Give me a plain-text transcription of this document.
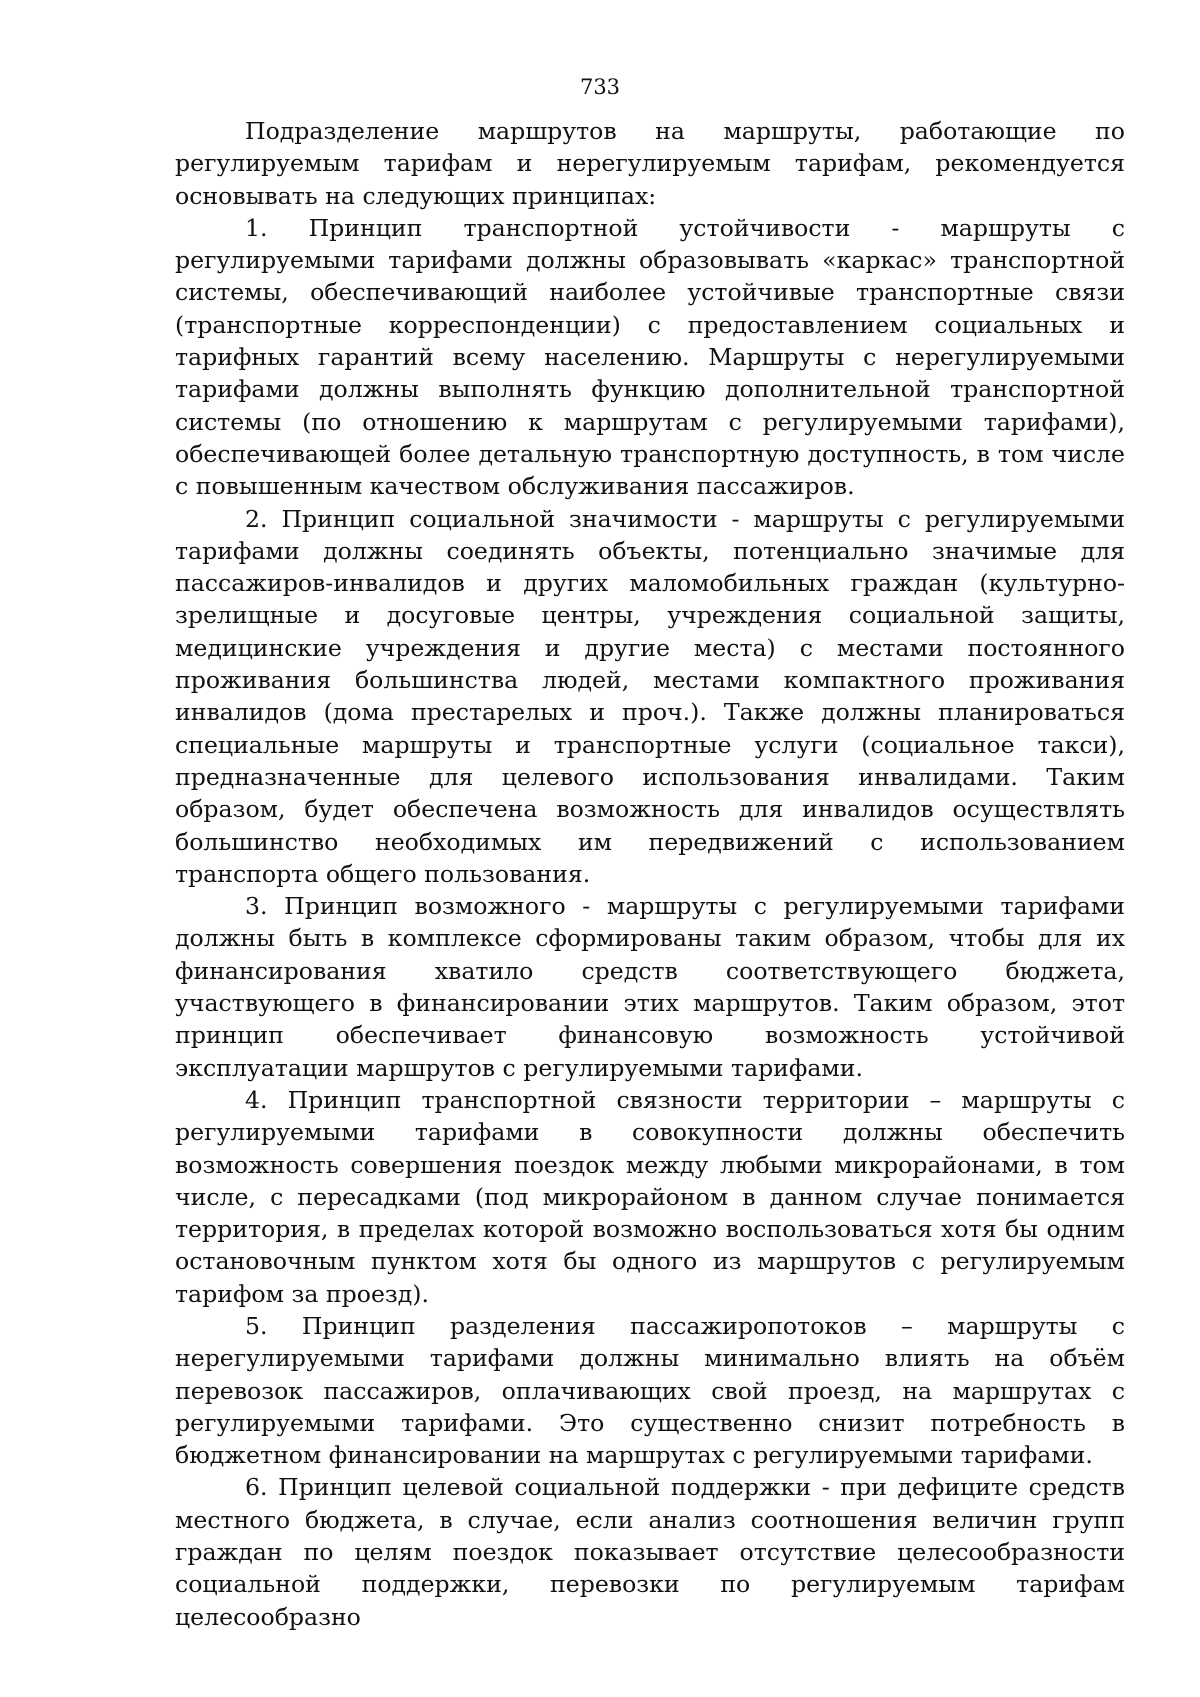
733

Подразделение маршрутов на маршруты, работающие по регулируемым тарифам и нерегулируемым тарифам, рекомендуется основывать на следующих принципах:

1. Принцип транспортной устойчивости - маршруты с регулируемыми тарифами должны образовывать «каркас» транспортной системы, обеспечивающий наиболее устойчивые транспортные связи (транспортные корреспонденции) с предоставлением социальных и тарифных гарантий всему населению. Маршруты с нерегулируемыми тарифами должны выполнять функцию дополнительной транспортной системы (по отношению к маршрутам с регулируемыми тарифами), обеспечивающей более детальную транспортную доступность, в том числе с повышенным качеством обслуживания пассажиров.

2. Принцип социальной значимости - маршруты с регулируемыми тарифами должны соединять объекты, потенциально значимые для пассажиров-инвалидов и других маломобильных граждан (культурно-зрелищные и досуговые центры, учреждения социальной защиты, медицинские учреждения и другие места) с местами постоянного проживания большинства людей, местами компактного проживания инвалидов (дома престарелых и проч.). Также должны планироваться специальные маршруты и транспортные услуги (социальное такси), предназначенные для целевого использования инвалидами. Таким образом, будет обеспечена возможность для инвалидов осуществлять большинство необходимых им передвижений с использованием транспорта общего пользования.

3. Принцип возможного - маршруты с регулируемыми тарифами должны быть в комплексе сформированы таким образом, чтобы для их финансирования хватило средств соответствующего бюджета, участвующего в финансировании этих маршрутов. Таким образом, этот принцип обеспечивает финансовую возможность устойчивой эксплуатации маршрутов с регулируемыми тарифами.

4. Принцип транспортной связности территории – маршруты с регулируемыми тарифами в совокупности должны обеспечить возможность совершения поездок между любыми микрорайонами, в том числе, с пересадками (под микрорайоном в данном случае понимается территория, в пределах которой возможно воспользоваться хотя бы одним остановочным пунктом хотя бы одного из маршрутов с регулируемым тарифом за проезд).

5. Принцип разделения пассажиропотоков – маршруты с нерегулируемыми тарифами должны минимально влиять на объём перевозок пассажиров, оплачивающих свой проезд, на маршрутах с регулируемыми тарифами. Это существенно снизит потребность в бюджетном финансировании на маршрутах с регулируемыми тарифами.

6. Принцип целевой социальной поддержки - при дефиците средств местного бюджета, в случае, если анализ соотношения величин групп граждан по целям поездок показывает отсутствие целесообразности социальной поддержки, перевозки по регулируемым тарифам целесообразно
